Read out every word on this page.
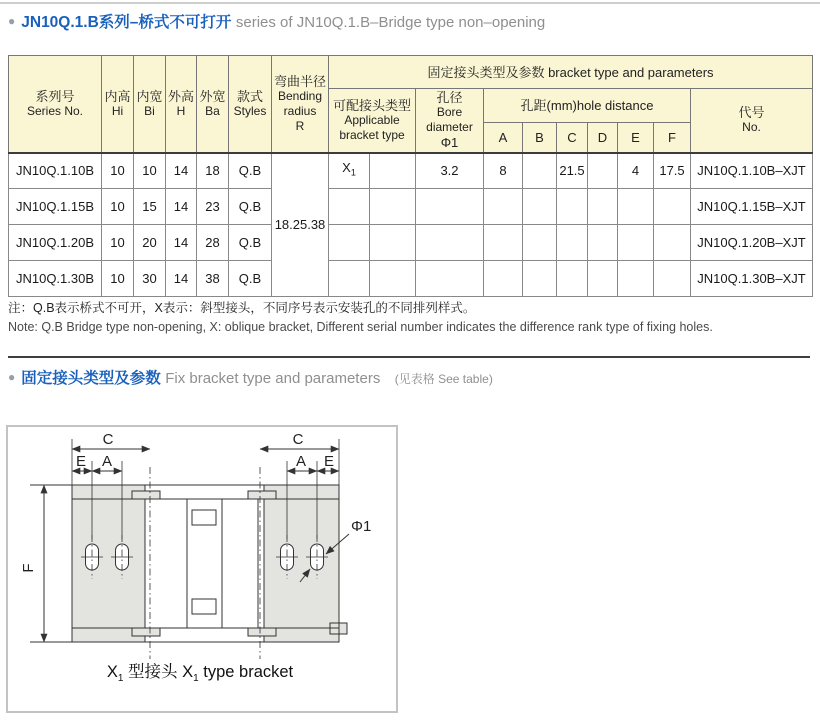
● JN10Q.1.B系列–桥式不可打开 series of JN10Q.1.B–Bridge type non–opening
系列号
Series No.

内高
Hi

内宽
Bi

外高
H

外宽
Ba

款式
Styles

弯曲半径
Bending
radius
R
	固定接头类型及参数 bracket type and parameters

可配接头类型
Applicable
bracket type

孔径
Bore diameter
Φ1
	孔距(mm)hole distance	代号
No.

										A	B	C	D	E	F	
JN10Q.1.10B	10	10	14	18	Q.B	18.25.38	$X_1$		3.2	8		21.5		4	17.5	JN10Q.1.10B–XJT
JN10Q.1.15B	10	15	14	23	Q.B											JN10Q.1.15B–XJT
JN10Q.1.20B	10	20	14	28	Q.B											JN10Q.1.20B–XJT
JN10Q.1.30B	10	30	14	38	Q.B											JN10Q.1.30B–XJT
注：Q.B表示桥式不可开，X表示：斜型接头，不同序号表示安装孔的不同排列样式。
Note: Q.B Bridge type non-opening, X: oblique bracket, Different serial number indicates the difference rank type of fixing holes.
● 固定接头类型及参数 Fix bracket type and parameters (见表格 See table)
C	C
E A	A E
F
Φ1
$X_1$ 型接头 $X_1$ type bracket
